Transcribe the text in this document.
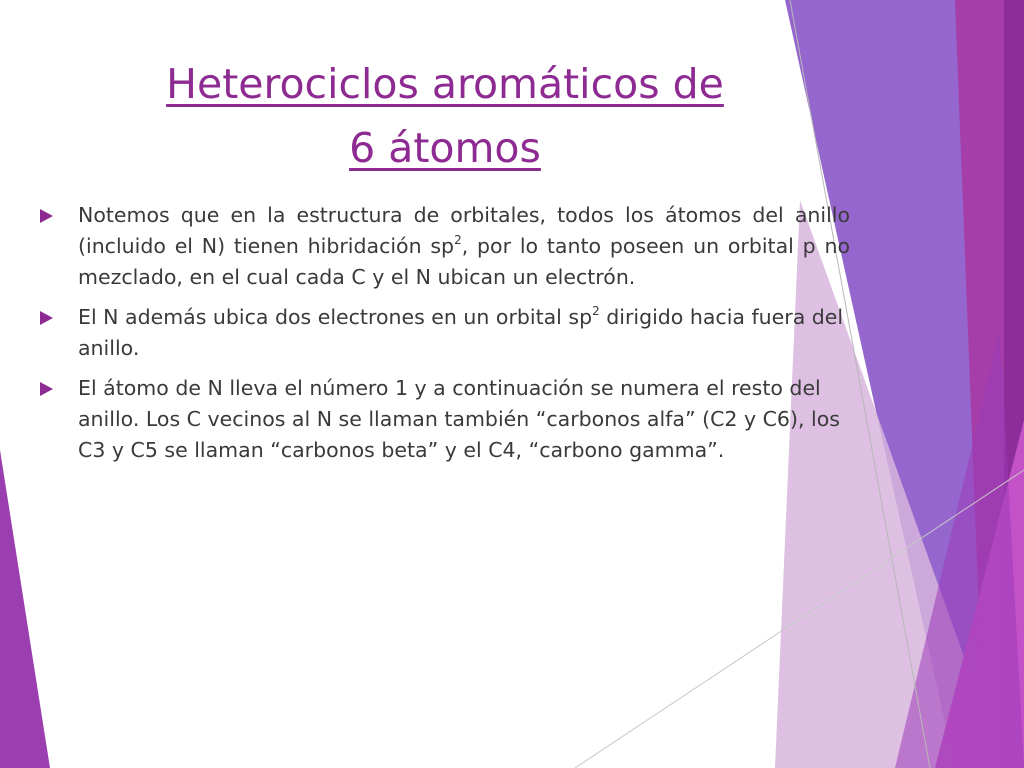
Heterociclos aromáticos de
6 átomos
Notemos que en la estructura de orbitales, todos los átomos del anillo (incluido el N) tienen hibridación $sp^2$, por lo tanto poseen un orbital p no mezclado, en el cual cada C y el N ubican un electrón.
El N además ubica dos electrones en un orbital $sp^2$ dirigido hacia fuera del anillo.
El átomo de N lleva el número 1 y a continuación se numera el resto del anillo. Los C vecinos al N se llaman también “carbonos alfa” (C2 y C6), los C3 y C5 se llaman “carbonos beta” y el C4, “carbono gamma”.
